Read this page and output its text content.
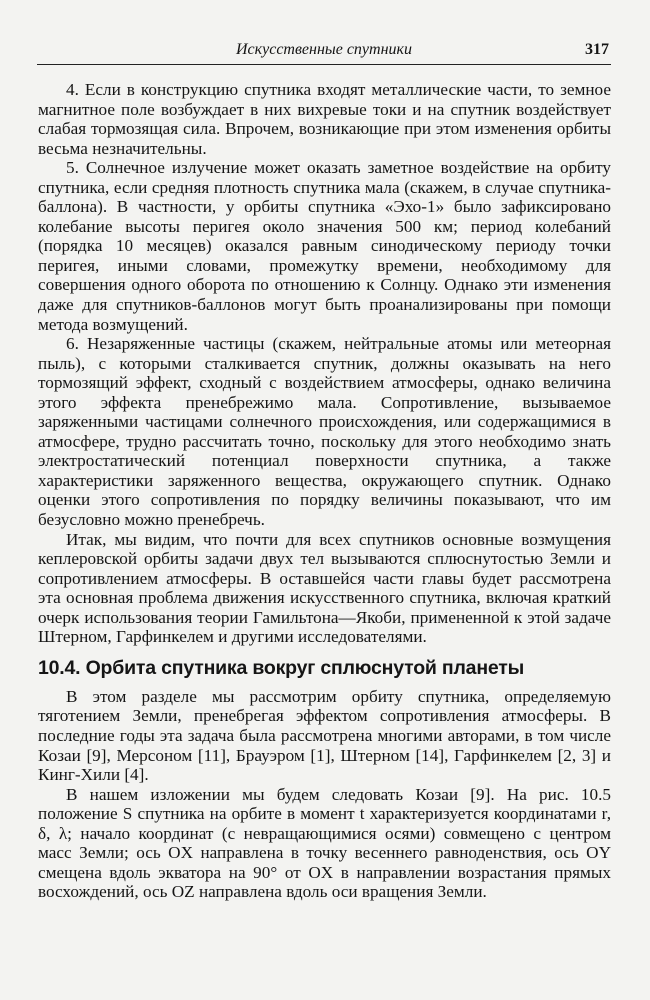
Искусственные спутники	317

4. Если в конструкцию спутника входят металлические части, то земное магнитное поле возбуждает в них вихревые токи и на спутник воздействует слабая тормозящая сила. Впрочем, возникающие при этом изменения орбиты весьма незначительны.

5. Солнечное излучение может оказать заметное воздействие на орбиту спутника, если средняя плотность спутника мала (скажем, в случае спутника-баллона). В частности, у орбиты спутника «Эхо-1» было зафиксировано колебание высоты перигея около значения 500 км; период колебаний (порядка 10 месяцев) оказался равным синодическому периоду точки перигея, иными словами, промежутку времени, необходимому для совершения одного оборота по отношению к Солнцу. Однако эти изменения даже для спутников-баллонов могут быть проанализированы при помощи метода возмущений.

6. Незаряженные частицы (скажем, нейтральные атомы или метеорная пыль), с которыми сталкивается спутник, должны оказывать на него тормозящий эффект, сходный с воздействием атмосферы, однако величина этого эффекта пренебрежимо мала. Сопротивление, вызываемое заряженными частицами солнечного происхождения, или содержащимися в атмосфере, трудно рассчитать точно, поскольку для этого необходимо знать электростатический потенциал поверхности спутника, а также характеристики заряженного вещества, окружающего спутник. Однако оценки этого сопротивления по порядку величины показывают, что им безусловно можно пренебречь.

Итак, мы видим, что почти для всех спутников основные возмущения кеплеровской орбиты задачи двух тел вызываются сплюснутостью Земли и сопротивлением атмосферы. В оставшейся части главы будет рассмотрена эта основная проблема движения искусственного спутника, включая краткий очерк использования теории Гамильтона—Якоби, примененной к этой задаче Штерном, Гарфинкелем и другими исследователями.

10.4. Орбита спутника вокруг сплюснутой планеты

В этом разделе мы рассмотрим орбиту спутника, определяемую тяготением Земли, пренебрегая эффектом сопротивления атмосферы. В последние годы эта задача была рассмотрена многими авторами, в том числе Козаи [9], Мерсоном [11], Брауэром [1], Штерном [14], Гарфинкелем [2, 3] и Кинг-Хили [4].

В нашем изложении мы будем следовать Козаи [9]. На рис. 10.5 положение S спутника на орбите в момент t характеризуется координатами r, δ, λ; начало координат (с невращающимися осями) совмещено с центром масс Земли; ось OX направлена в точку весеннего равноденствия, ось OY смещена вдоль экватора на 90° от OX в направлении возрастания прямых восхождений, ось OZ направлена вдоль оси вращения Земли.
